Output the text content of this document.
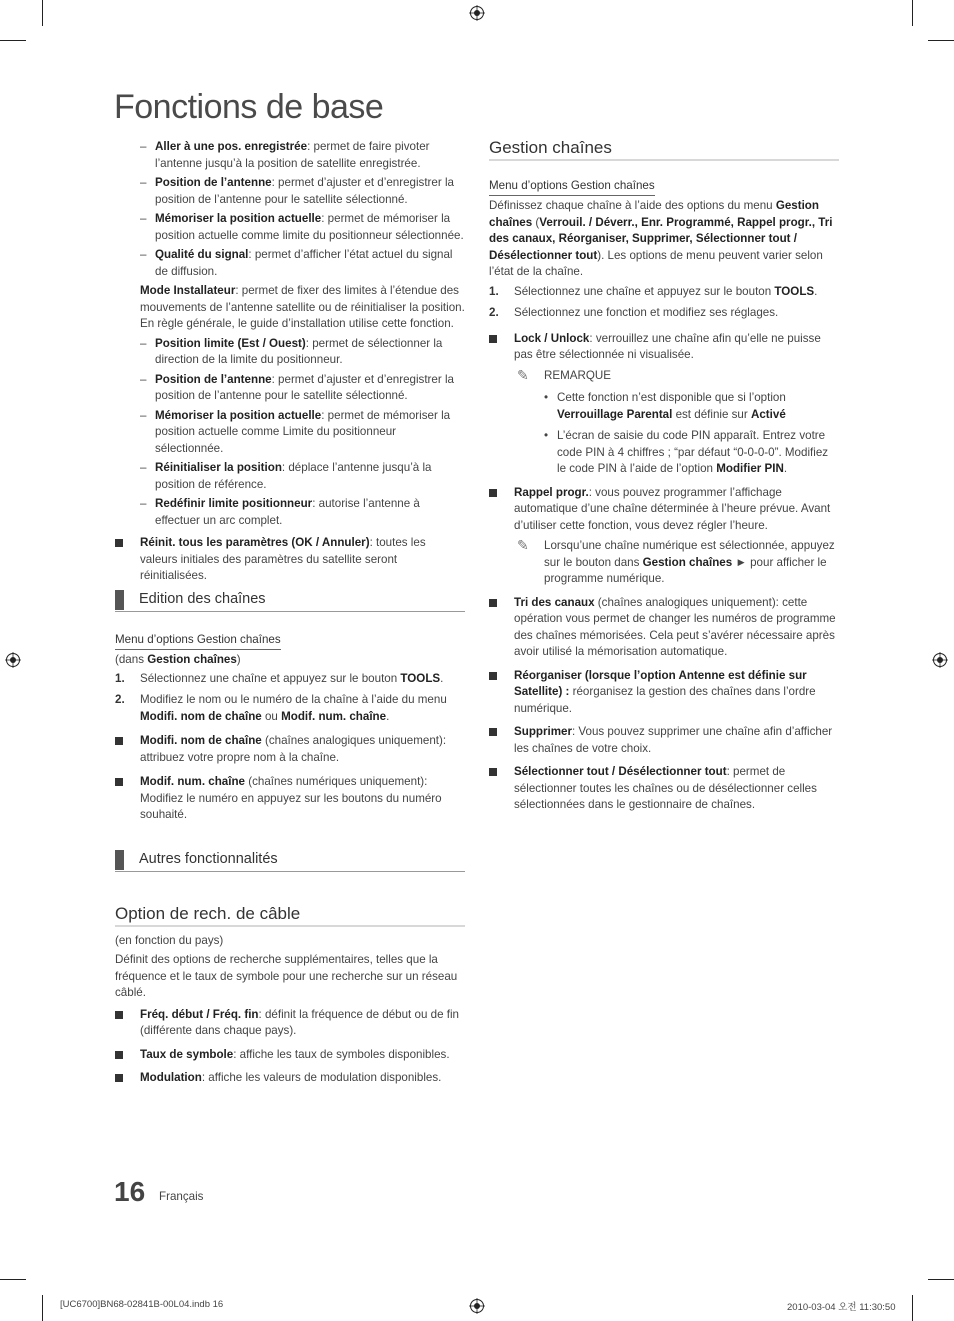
Fonctions de base
– Aller à une pos. enregistrée: permet de faire pivoter l’antenne jusqu’à la position de satellite enregistrée.
– Position de l’antenne: permet d’ajuster et d’enregistrer la position de l’antenne pour le satellite sélectionné.
– Mémoriser la position actuelle: permet de mémoriser la position actuelle comme limite du positionneur sélectionnée.
– Qualité du signal: permet d’afficher l’état actuel du signal de diffusion.

Mode Installateur: permet de fixer des limites à l’étendue des mouvements de l’antenne satellite ou de réinitialiser la position. En règle générale, le guide d’installation utilise cette fonction.

– Position limite (Est / Ouest): permet de sélectionner la direction de la limite du positionneur.
– Position de l’antenne: permet d’ajuster et d’enregistrer la position de l’antenne pour le satellite sélectionné.
– Mémoriser la position actuelle: permet de mémoriser la position actuelle comme Limite du positionneur sélectionnée.
– Réinitialiser la position: déplace l’antenne jusqu’à la position de référence.
– Redéfinir limite positionneur: autorise l’antenne à effectuer un arc complet.
Réinit. tous les paramètres (OK / Annuler): toutes les valeurs initiales des paramètres du satellite seront réinitialisées.
Edition des chaînes
Menu d’options Gestion chaînes

(dans Gestion chaînes)

1. Sélectionnez une chaîne et appuyez sur le bouton TOOLS.
2. Modifiez le nom ou le numéro de la chaîne à l’aide du menu Modifi. nom de chaîne ou Modif. num. chaîne.
Modifi. nom de chaîne (chaînes analogiques uniquement): attribuez votre propre nom à la chaîne.
Modif. num. chaîne (chaînes numériques uniquement): Modifiez le numéro en appuyez sur les boutons du numéro souhaité.
Autres fonctionnalités
Option de rech. de câble

(en fonction du pays)

Définit des options de recherche supplémentaires, telles que la fréquence et le taux de symbole pour une recherche sur un réseau câblé.

Fréq. début / Fréq. fin: définit la fréquence de début ou de fin (différente dans chaque pays).
Taux de symbole: affiche les taux de symboles disponibles.
Modulation: affiche les valeurs de modulation disponibles.
Gestion chaînes
Menu d’options Gestion chaînes

Définissez chaque chaîne à l’aide des options du menu Gestion chaînes (Verrouil. / Déverr., Enr. Programmé, Rappel progr., Tri des canaux, Réorganiser, Supprimer, Sélectionner tout / Désélectionner tout). Les options de menu peuvent varier selon l’état de la chaîne.

1. Sélectionnez une chaîne et appuyez sur le bouton TOOLS.
2. Sélectionnez une fonction et modifiez ses réglages.
Lock / Unlock: verrouillez une chaîne afin qu’elle ne puisse pas être sélectionnée ni visualisée.
✎ REMARQUE
• Cette fonction n’est disponible que si l’option Verrouillage Parental est définie sur Activé
• L’écran de saisie du code PIN apparaît. Entrez votre code PIN à 4 chiffres ; “par défaut “0-0-0-0”. Modifiez le code PIN à l’aide de l’option Modifier PIN.
Rappel progr.: vous pouvez programmer l’affichage automatique d’une chaîne déterminée à l’heure prévue. Avant d’utiliser cette fonction, vous devez régler l’heure.
✎ Lorsqu’une chaîne numérique est sélectionnée, appuyez sur le bouton dans Gestion chaînes ► pour afficher le programme numérique.
Tri des canaux (chaînes analogiques uniquement): cette opération vous permet de changer les numéros de programme des chaînes mémorisées. Cela peut s’avérer nécessaire après avoir utilisé la mémorisation automatique.
Réorganiser (lorsque l’option Antenne est définie sur Satellite) : réorganisez la gestion des chaînes dans l’ordre numérique.
Supprimer: Vous pouvez supprimer une chaîne afin d’afficher les chaînes de votre choix.
Sélectionner tout / Désélectionner tout: permet de sélectionner toutes les chaînes ou de désélectionner celles sélectionnées dans le gestionnaire de chaînes.
16 Français
[UC6700]BN68-02841B-00L04.indb 16	2010-03-04 오전 11:30:50
